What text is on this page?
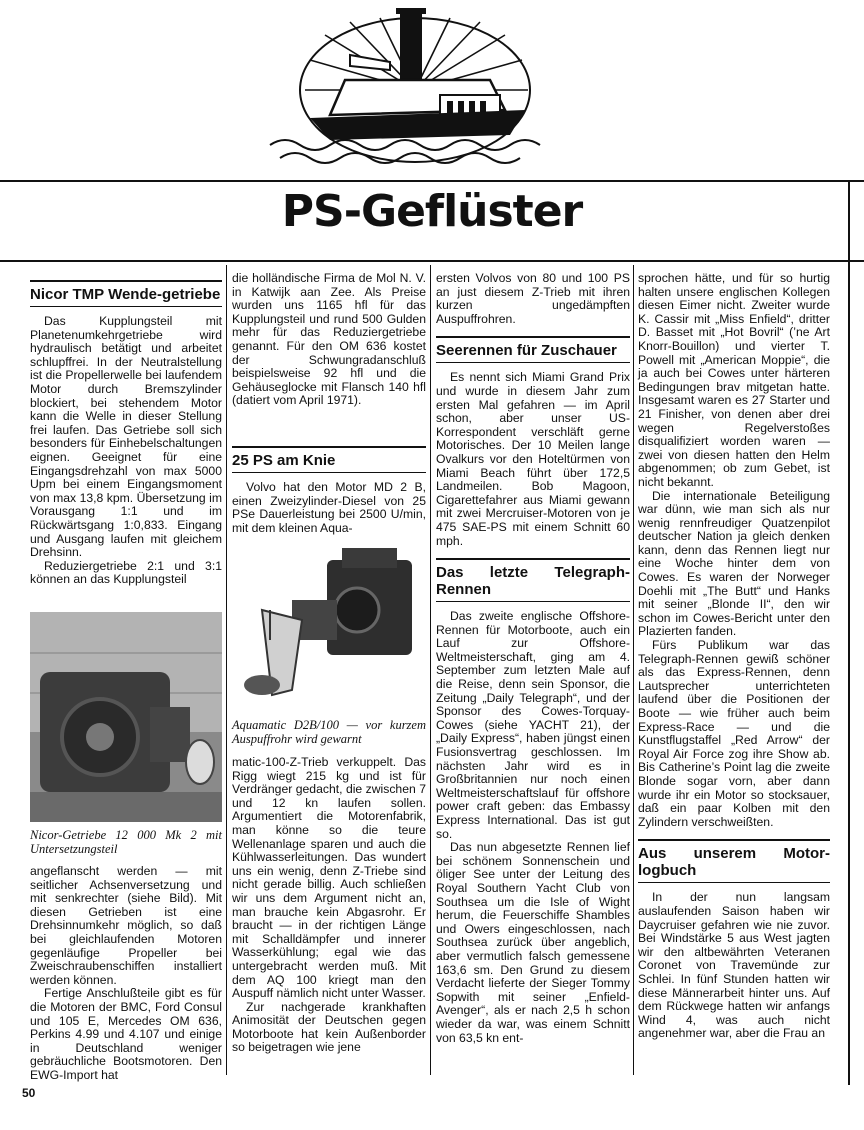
PS-Geflüster
Nicor TMP Wende-getriebe

Das Kupplungsteil mit Planetenumkehrgetriebe wird hydraulisch betätigt und arbeitet schlupffrei. In der Neutralstellung ist die Propellerwelle bei laufendem Motor durch Bremszylinder blockiert, bei stehendem Motor kann die Welle in dieser Stellung frei laufen. Das Getriebe soll sich besonders für Einhebelschaltungen eignen. Geeignet für eine Eingangsdrehzahl von max 5000 Upm bei einem Eingangsmoment von max 13,8 kpm. Übersetzung im Vorausgang 1:1 und im Rückwärtsgang 1:0,833. Eingang und Ausgang laufen mit gleichem Drehsinn.

Reduziergetriebe 2:1 und 3:1 können an das Kupplungsteil

Nicor-Getriebe 12 000 Mk 2 mit Untersetzungsteil

angeflanscht werden — mit seitlicher Achsenversetzung und mit senkrechter (siehe Bild). Mit diesen Getrieben ist eine Drehsinnumkehr möglich, so daß bei gleichlaufenden Motoren gegenläufige Propeller bei Zweischraubenschiffen installiert werden können.

Fertige Anschlußteile gibt es für die Motoren der BMC, Ford Consul und 105 E, Mercedes OM 636, Perkins 4.99 und 4.107 und einige in Deutschland weniger gebräuchliche Bootsmotoren. Den EWG-Import hat

die holländische Firma de Mol N. V. in Katwijk aan Zee. Als Preise wurden uns 1165 hfl für das Kupplungsteil und rund 500 Gulden mehr für das Reduziergetriebe genannt. Für den OM 636 kostet der Schwungradanschluß beispielsweise 92 hfl und die Gehäuseglocke mit Flansch 140 hfl (datiert vom April 1971).

25 PS am Knie

Volvo hat den Motor MD 2 B, einen Zweizylinder-Diesel von 25 PSe Dauerleistung bei 2500 U/min, mit dem kleinen Aqua-

Aquamatic D2B/100 — vor kurzem Auspuffrohr wird gewarnt

matic-100-Z-Trieb verkuppelt. Das Rigg wiegt 215 kg und ist für Verdränger gedacht, die zwischen 7 und 12 kn laufen sollen. Argumentiert die Motorenfabrik, man könne so die teure Wellenanlage sparen und auch die Kühlwasserleitungen. Das wundert uns ein wenig, denn Z-Triebe sind nicht gerade billig. Auch schließen wir uns dem Argument nicht an, man brauche kein Abgasrohr. Er braucht — in der richtigen Länge mit Schalldämpfer und innerer Wasserkühlung; egal wie das untergebracht werden muß. Mit dem AQ 100 kriegt man den Auspuff nämlich nicht unter Wasser.

Zur nachgerade krankhaften Animosität der Deutschen gegen Motorboote hat kein Außenborder so beigetragen wie jene

ersten Volvos von 80 und 100 PS an just diesem Z-Trieb mit ihren kurzen ungedämpften Auspuffrohren.

Seerennen für Zuschauer

Es nennt sich Miami Grand Prix und wurde in diesem Jahr zum ersten Mal gefahren — im April schon, aber unser US-Korrespondent verschläft gerne Motorisches. Der 10 Meilen lange Ovalkurs vor den Hoteltürmen von Miami Beach führt über 172,5 Landmeilen. Bob Magoon, Cigarettefahrer aus Miami gewann mit zwei Mercruiser-Motoren von je 475 SAE-PS mit einem Schnitt 60 mph.

Das letzte Telegraph-Rennen

Das zweite englische Offshore-Rennen für Motorboote, auch ein Lauf zur Offshore-Weltmeisterschaft, ging am 4. September zum letzten Male auf die Reise, denn sein Sponsor, die Zeitung „Daily Telegraph“, und der Sponsor des Cowes-Torquay-Cowes (siehe YACHT 21), der „Daily Express“, haben jüngst einen Fusionsvertrag geschlossen. Im nächsten Jahr wird es in Großbritannien nur noch einen Weltmeisterschaftslauf für offshore power craft geben: das Embassy Express International. Das ist gut so.

Das nun abgesetzte Rennen lief bei schönem Sonnenschein und öliger See unter der Leitung des Royal Southern Yacht Club von Southsea um die Isle of Wight herum, die Feuerschiffe Shambles und Owers eingeschlossen, nach Southsea zurück über angeblich, aber vermutlich falsch gemessene 163,6 sm. Den Grund zu diesem Verdacht lieferte der Sieger Tommy Sopwith mit seiner „Enfield-Avenger“, als er nach 2,5 h schon wieder da war, was einem Schnitt von 63,5 kn ent-

sprochen hätte, und für so hurtig halten unsere englischen Kollegen diesen Eimer nicht. Zweiter wurde K. Cassir mit „Miss Enfield“, dritter D. Basset mit „Hot Bovril“ (’ne Art Knorr-Bouillon) und vierter T. Powell mit „American Moppie“, die ja auch bei Cowes unter härteren Bedingungen brav mitgetan hatte. Insgesamt waren es 27 Starter und 21 Finisher, von denen aber drei wegen Regelverstoßes disqualifiziert worden waren — zwei von diesen hatten den Helm abgenommen; ob zum Gebet, ist nicht bekannt.

Die internationale Beteiligung war dünn, wie man sich als nur wenig rennfreudiger Quatzenpilot deutscher Nation ja gleich denken kann, denn das Rennen liegt nur eine Woche hinter dem von Cowes. Es waren der Norweger Doehli mit „The Butt“ und Hanks mit seiner „Blonde II“, den wir schon im Cowes-Bericht unter den Plazierten fanden.

Fürs Publikum war das Telegraph-Rennen gewiß schöner als das Express-Rennen, denn Lautsprecher unterrichteten laufend über die Positionen der Boote — wie früher auch beim Express-Race — und die Kunstflugstaffel „Red Arrow“ der Royal Air Force zog ihre Show ab. Bis Catherine’s Point lag die zweite Blonde sogar vorn, aber dann wurde ihr ein Motor so stocksauer, daß ein paar Kolben mit den Zylindern verschweißten.

Aus unserem Motor-logbuch

In der nun langsam auslaufenden Saison haben wir Daycruiser gefahren wie nie zuvor. Bei Windstärke 5 aus West jagten wir den altbewährten Veteranen Coronet von Travemünde zur Schlei. In fünf Stunden hatten wir diese Männerarbeit hinter uns. Auf dem Rückwege hatten wir anfangs Wind 4, was auch nicht angenehmer war, aber die Frau an

50
